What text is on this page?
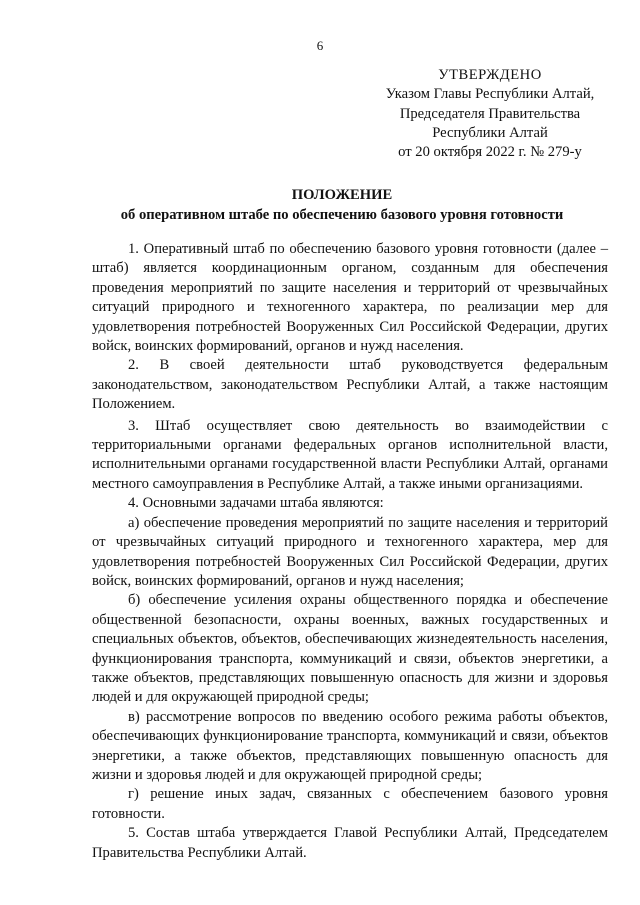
6
УТВЕРЖДЕНО
Указом Главы Республики Алтай,
Председателя Правительства
Республики Алтай
от 20 октября 2022 г. № 279-у
ПОЛОЖЕНИЕ
об оперативном штабе по обеспечению базового уровня готовности

1. Оперативный штаб по обеспечению базового уровня готовности (далее – штаб) является координационным органом, созданным для обеспечения проведения мероприятий по защите населения и территорий от чрезвычайных ситуаций природного и техногенного характера, по реализации мер для удовлетворения потребностей Вооруженных Сил Российской Федерации, других войск, воинских формирований, органов и нужд населения.

2. В своей деятельности штаб руководствуется федеральным законодательством, законодательством Республики Алтай, а также настоящим Положением.

3. Штаб осуществляет свою деятельность во взаимодействии с территориальными органами федеральных органов исполнительной власти, исполнительными органами государственной власти Республики Алтай, органами местного самоуправления в Республике Алтай, а также иными организациями.

4. Основными задачами штаба являются:

а) обеспечение проведения мероприятий по защите населения и территорий от чрезвычайных ситуаций природного и техногенного характера, мер для удовлетворения потребностей Вооруженных Сил Российской Федерации, других войск, воинских формирований, органов и нужд населения;

б) обеспечение усиления охраны общественного порядка и обеспечение общественной безопасности, охраны военных, важных государственных и специальных объектов, объектов, обеспечивающих жизнедеятельность населения, функционирования транспорта, коммуникаций и связи, объектов энергетики, а также объектов, представляющих повышенную опасность для жизни и здоровья людей и для окружающей природной среды;

в) рассмотрение вопросов по введению особого режима работы объектов, обеспечивающих функционирование транспорта, коммуникаций и связи, объектов энергетики, а также объектов, представляющих повышенную опасность для жизни и здоровья людей и для окружающей природной среды;

г) решение иных задач, связанных с обеспечением базового уровня готовности.

5. Состав штаба утверждается Главой Республики Алтай, Председателем Правительства Республики Алтай.
